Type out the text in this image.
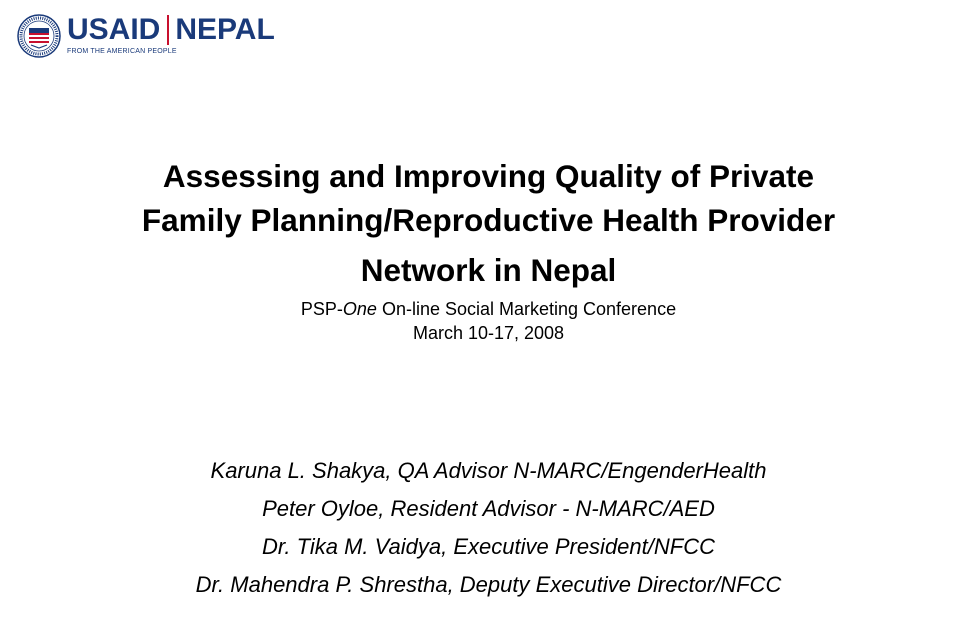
USAID NEPAL
FROM THE AMERICAN PEOPLE
Assessing and Improving Quality of Private
Family Planning/Reproductive Health Provider
Network in Nepal
PSP-One On-line Social Marketing Conference
March 10-17, 2008
Karuna L. Shakya, QA Advisor N-MARC/EngenderHealth
Peter Oyloe, Resident Advisor - N-MARC/AED
Dr. Tika M. Vaidya, Executive President/NFCC
Dr. Mahendra P. Shrestha, Deputy Executive Director/NFCC
